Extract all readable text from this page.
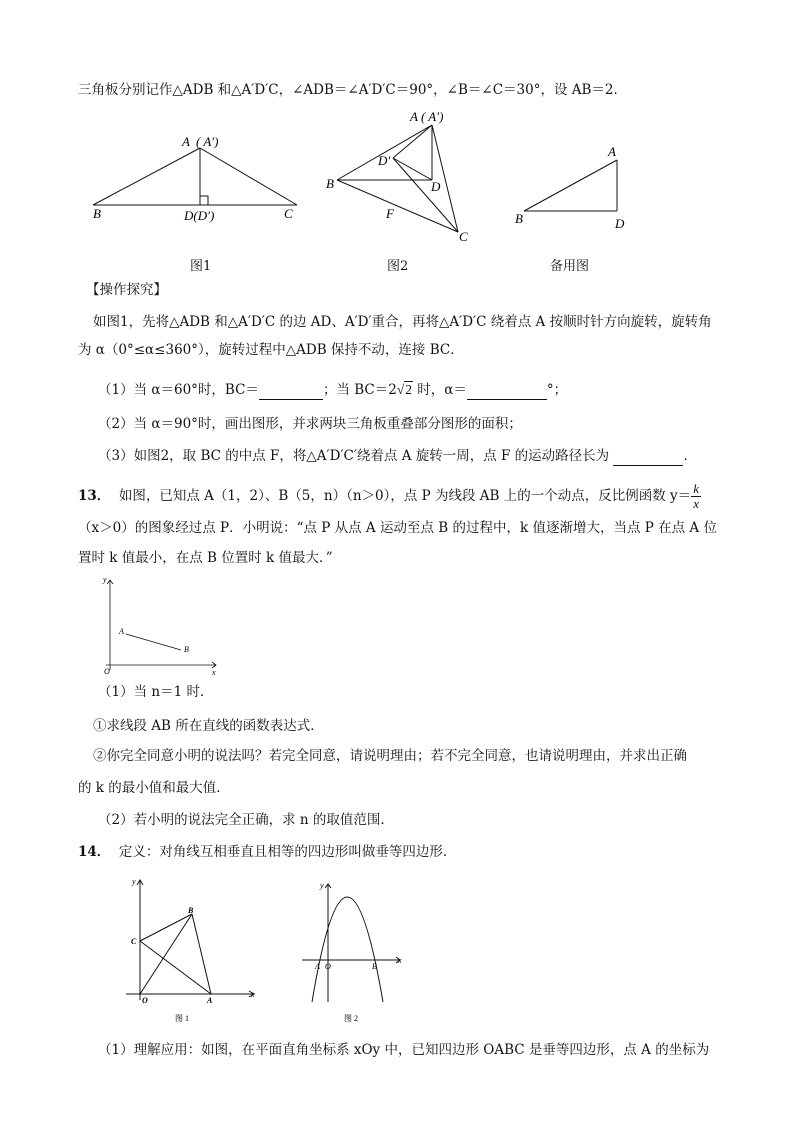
三角板分别记作△ADB 和△A′D′C，∠ADB＝∠A′D′C＝90°，∠B＝∠C＝30°，设 AB＝2．
A ( A′)
B	C
D(D′)
A ( A′)
B
C
D
D′
F
A
B	D
图1	图2	备用图
【操作探究】
如图1，先将△ADB 和△A′D′C 的边 AD、A′D′重合，再将△A′D′C 绕着点 A 按顺时针方向旋转，旋转角
为 α（0°≤α≤360°），旋转过程中△ADB 保持不动，连接 BC．
（1）当 α＝60°时，BC＝	；当 BC＝2√2 时，α＝	°；
（2）当 α＝90°时，画出图形，并求两块三角板重叠部分图形的面积；
（3）如图2，取 BC 的中点 F，将△A′D′C′绕着点 A 旋转一周，点 F 的运动路径长为	．
13． 如图，已知点 A（1，2）、B（5，n）（n＞0），点 P 为线段 AB 上的一个动点，反比例函数 $y= \frac{k}{x}$
（x＞0）的图象经过点 P．小明说：“点 P 从点 A 运动至点 B 的过程中，k 值逐渐增大，当点 P 在点 A 位
置时 k 值最小，在点 B 位置时 k 值最大．”
y
x
O
A
B
（1）当 n＝1 时．
①求线段 AB 所在直线的函数表达式．
②你完全同意小明的说法吗？若完全同意，请说明理由；若不完全同意，也请说明理由，并求出正确
的 k 的最小值和最大值．
（2）若小明的说法完全正确，求 n 的取值范围．
14． 定义：对角线互相垂直且相等的四边形叫做垂等四边形．
y
x
O	A
B
C
y
x
A O	B
图 1	图 2
（1）理解应用：如图，在平面直角坐标系 xOy 中，已知四边形 OABC 是垂等四边形，点 A 的坐标为
